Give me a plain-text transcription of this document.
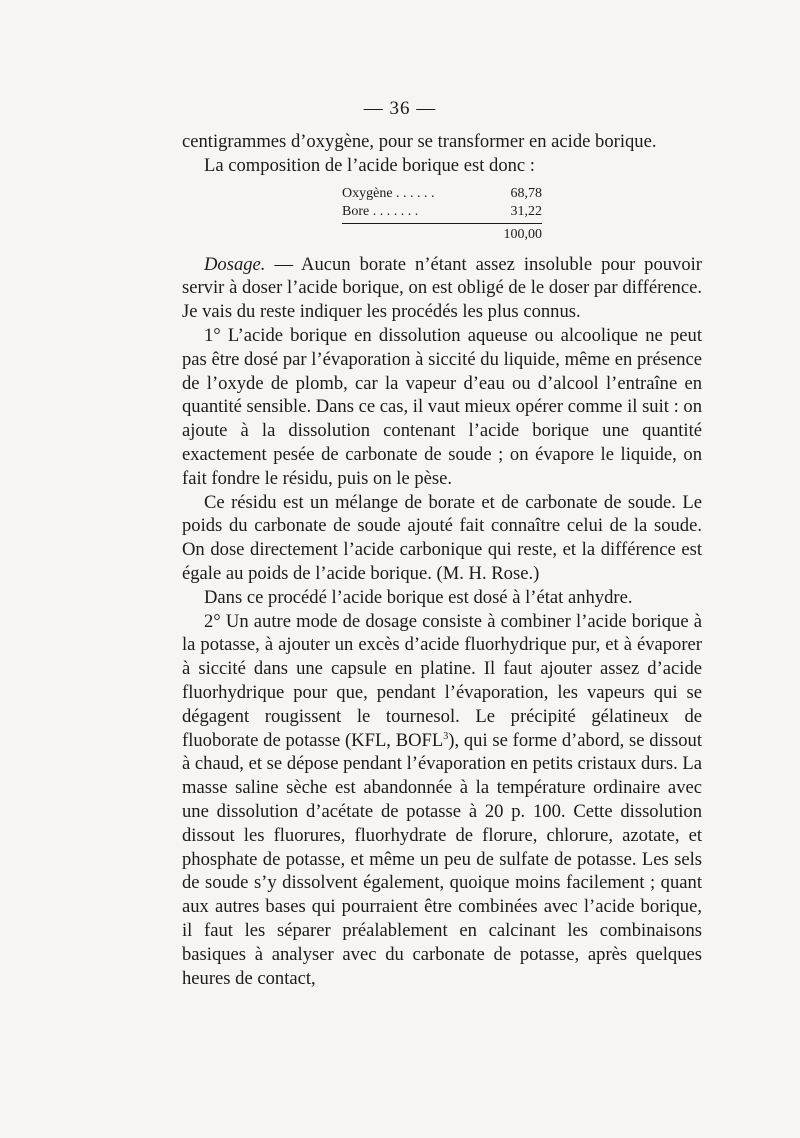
— 36 —

centigrammes d’oxygène, pour se transformer en acide borique.

La composition de l’acide borique est donc :

Oxygène . . . . . .	68,78
Bore . . . . . . .	31,22
100,00

Dosage. — Aucun borate n’étant assez insoluble pour pouvoir servir à doser l’acide borique, on est obligé de le doser par différence. Je vais du reste indiquer les procédés les plus connus.

1° L’acide borique en dissolution aqueuse ou alcoolique ne peut pas être dosé par l’évaporation à siccité du liquide, même en présence de l’oxyde de plomb, car la vapeur d’eau ou d’alcool l’entraîne en quantité sensible. Dans ce cas, il vaut mieux opérer comme il suit : on ajoute à la dissolution contenant l’acide borique une quantité exactement pesée de carbonate de soude ; on évapore le liquide, on fait fondre le résidu, puis on le pèse.

Ce résidu est un mélange de borate et de carbonate de soude. Le poids du carbonate de soude ajouté fait connaître celui de la soude. On dose directement l’acide carbonique qui reste, et la différence est égale au poids de l’acide borique. (M. H. Rose.)

Dans ce procédé l’acide borique est dosé à l’état anhydre.

2° Un autre mode de dosage consiste à combiner l’acide borique à la potasse, à ajouter un excès d’acide fluorhydrique pur, et à évaporer à siccité dans une capsule en platine. Il faut ajouter assez d’acide fluorhydrique pour que, pendant l’évaporation, les vapeurs qui se dégagent rougissent le tournesol. Le précipité gélatineux de fluoborate de potasse (KFL, BOFL$^3$), qui se forme d’abord, se dissout à chaud, et se dépose pendant l’évaporation en petits cristaux durs. La masse saline sèche est abandonnée à la température ordinaire avec une dissolution d’acétate de potasse à 20 p. 100. Cette dissolution dissout les fluorures, fluorhydrate de florure, chlorure, azotate, et phosphate de potasse, et même un peu de sulfate de potasse. Les sels de soude s’y dissolvent également, quoique moins facilement ; quant aux autres bases qui pourraient être combinées avec l’acide borique, il faut les séparer préalablement en calcinant les combinaisons basiques à analyser avec du carbonate de potasse, après quelques heures de contact,
